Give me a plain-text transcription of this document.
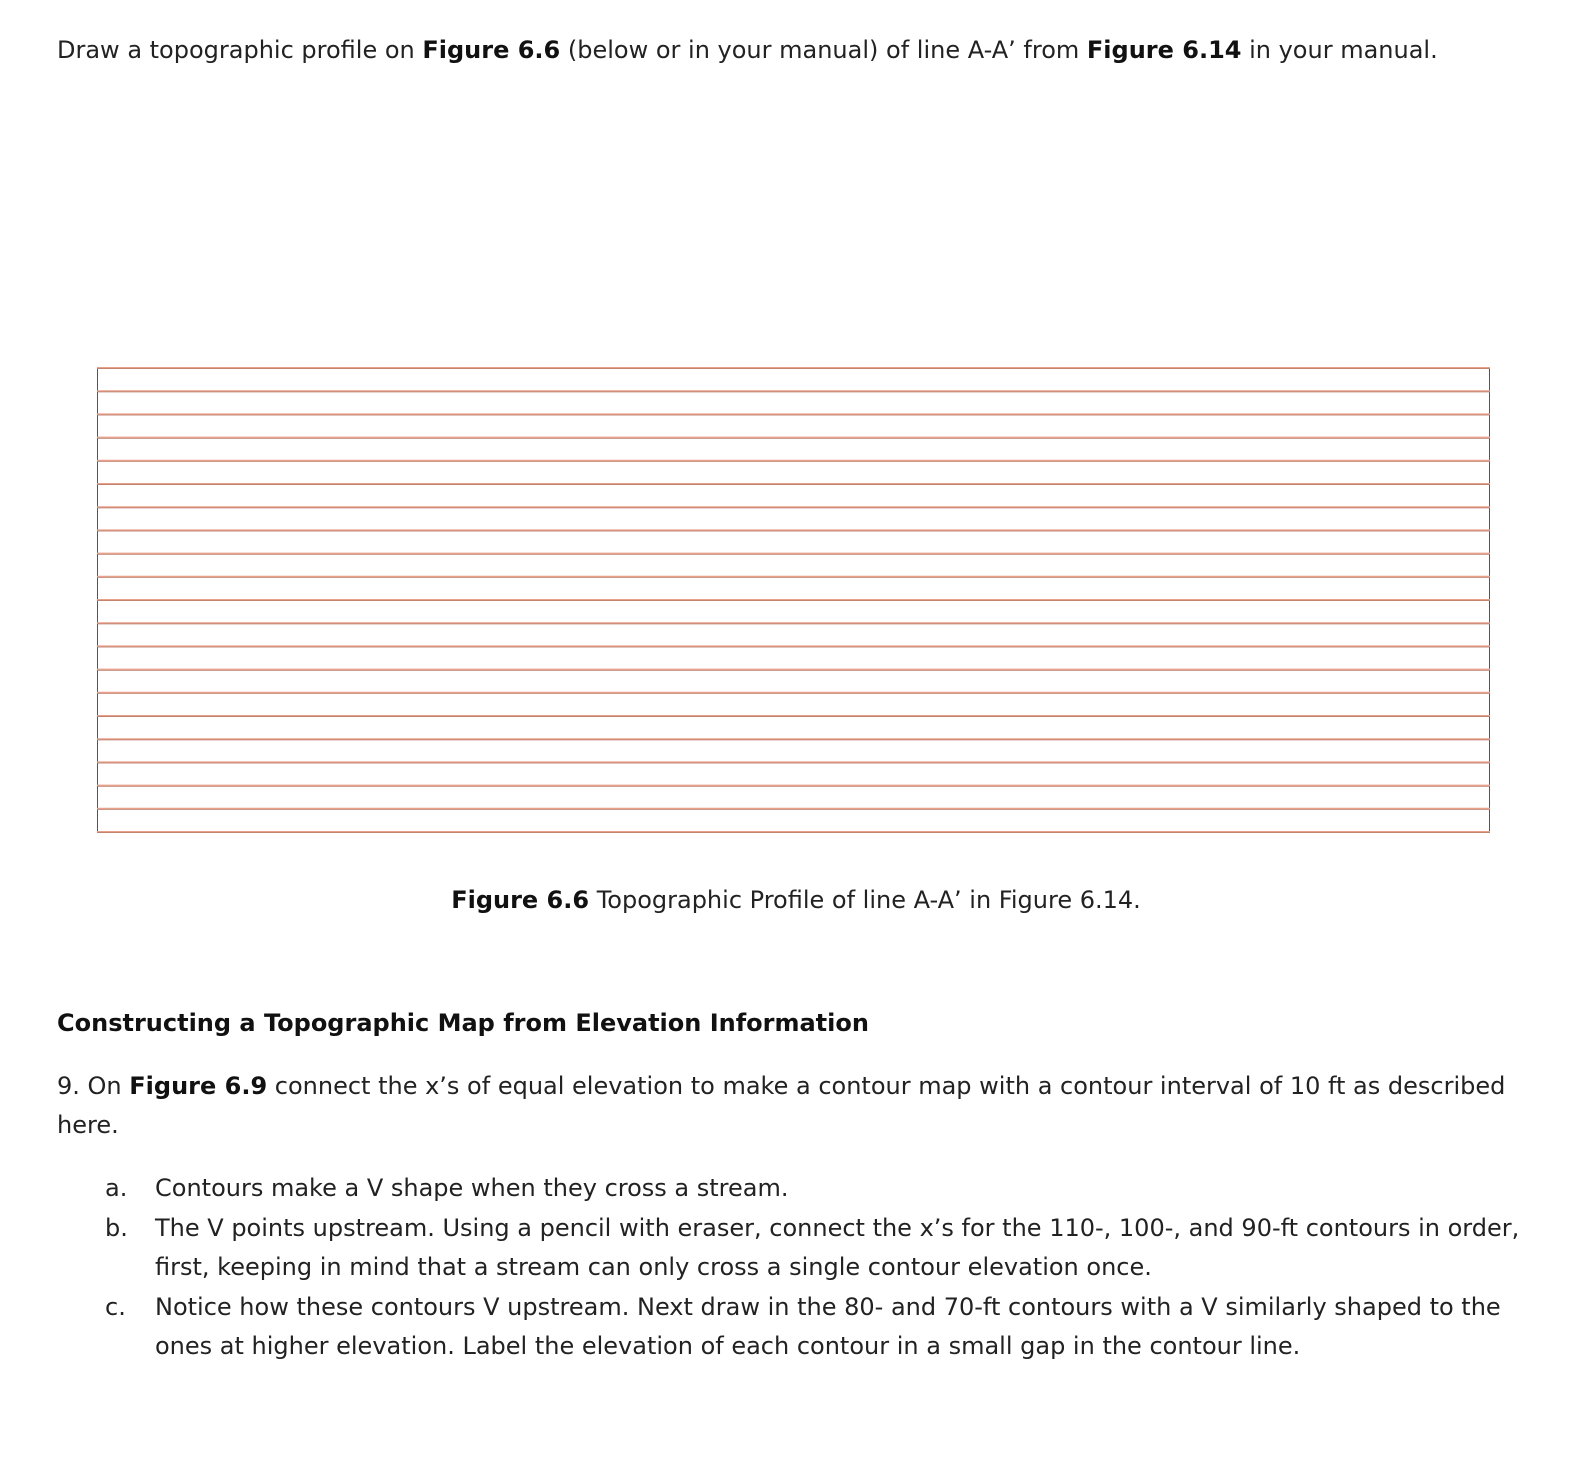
Draw a topographic profile on Figure 6.6 (below or in your manual) of line A-A’ from Figure 6.14 in your manual.

Figure 6.6 Topographic Profile of line A-A’ in Figure 6.14.

Constructing a Topographic Map from Elevation Information

9. On Figure 6.9 connect the x’s of equal elevation to make a contour map with a contour interval of 10 ft as described here.

a.	Contours make a V shape when they cross a stream.
b.	The V points upstream. Using a pencil with eraser, connect the x’s for the 110-, 100-, and 90-ft contours in order, first, keeping in mind that a stream can only cross a single contour elevation once.
c.	Notice how these contours V upstream. Next draw in the 80- and 70-ft contours with a V similarly shaped to the ones at higher elevation. Label the elevation of each contour in a small gap in the contour line.
